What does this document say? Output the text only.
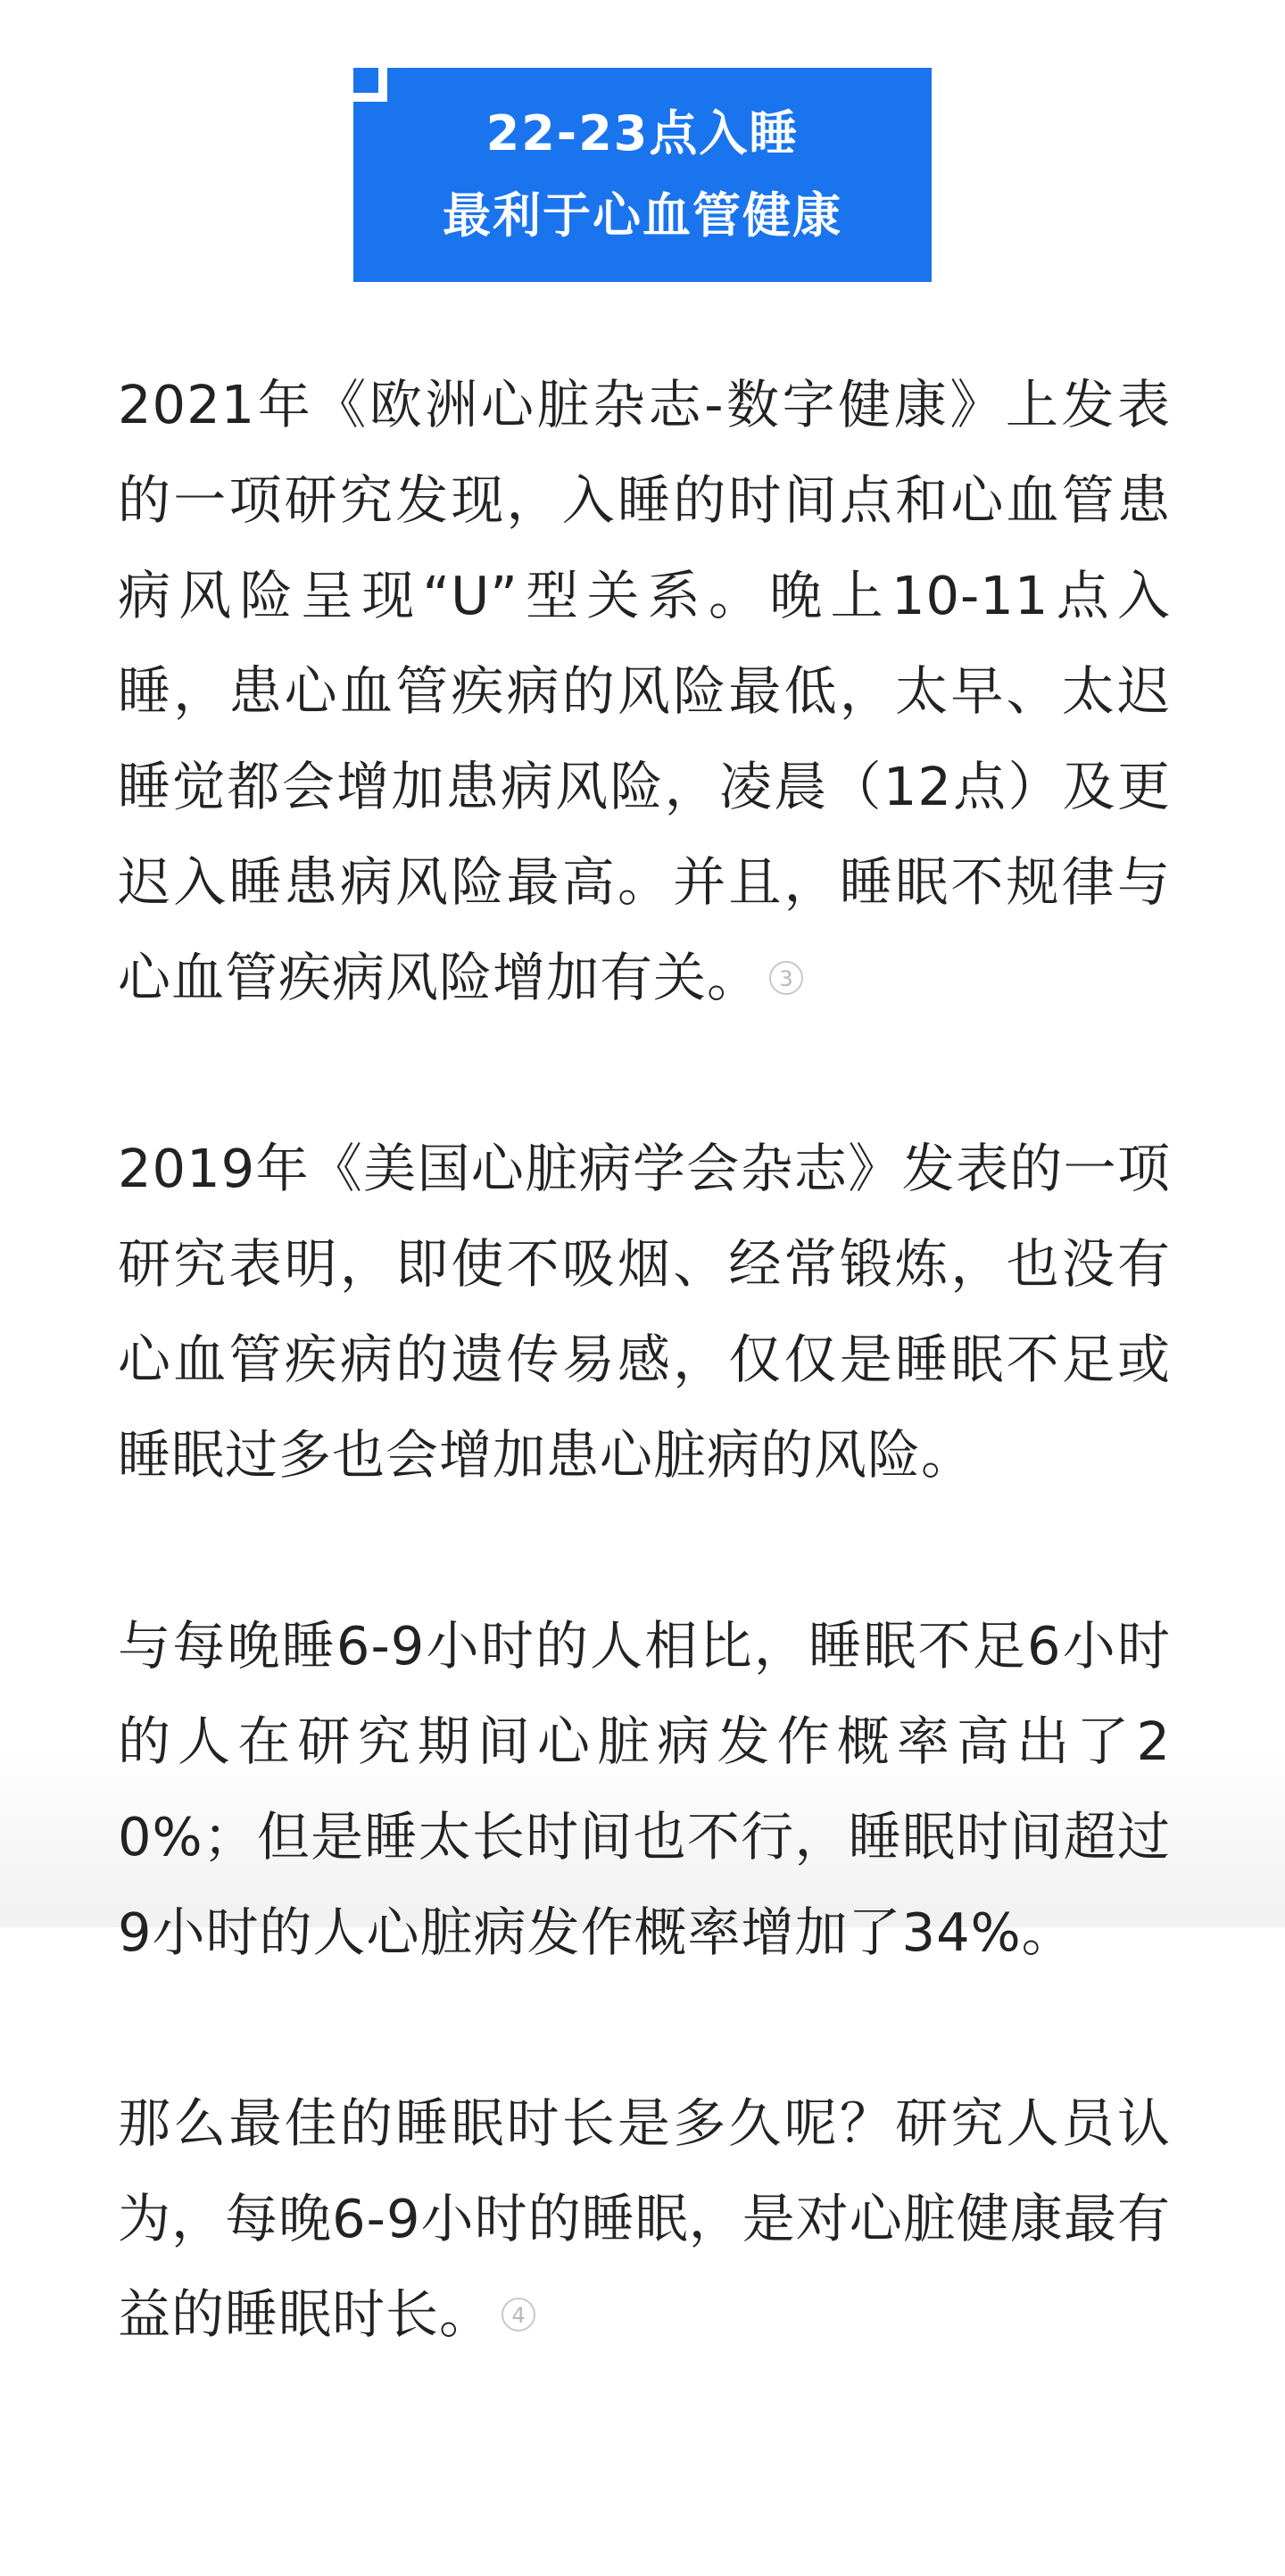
22-23点入睡
最利于心血管健康

2021年《欧洲心脏杂志-数字健康》上发表的一项研究发现，入睡的时间点和心血管患病风险呈现“U”型关系。晚上10-11点入睡，患心血管疾病的风险最低，太早、太迟睡觉都会增加患病风险，凌晨（12点）及更迟入睡患病风险最高。并且，睡眠不规律与心血管疾病风险增加有关。 3

2019年《美国心脏病学会杂志》发表的一项研究表明，即使不吸烟、经常锻炼，也没有心血管疾病的遗传易感，仅仅是睡眠不足或睡眠过多也会增加患心脏病的风险。

与每晚睡6-9小时的人相比，睡眠不足6小时的人在研究期间心脏病发作概率高出了20%；但是睡太长时间也不行，睡眠时间超过9小时的人心脏病发作概率增加了34%。

那么最佳的睡眠时长是多久呢？研究人员认为，每晚6-9小时的睡眠，是对心脏健康最有益的睡眠时长。 4
